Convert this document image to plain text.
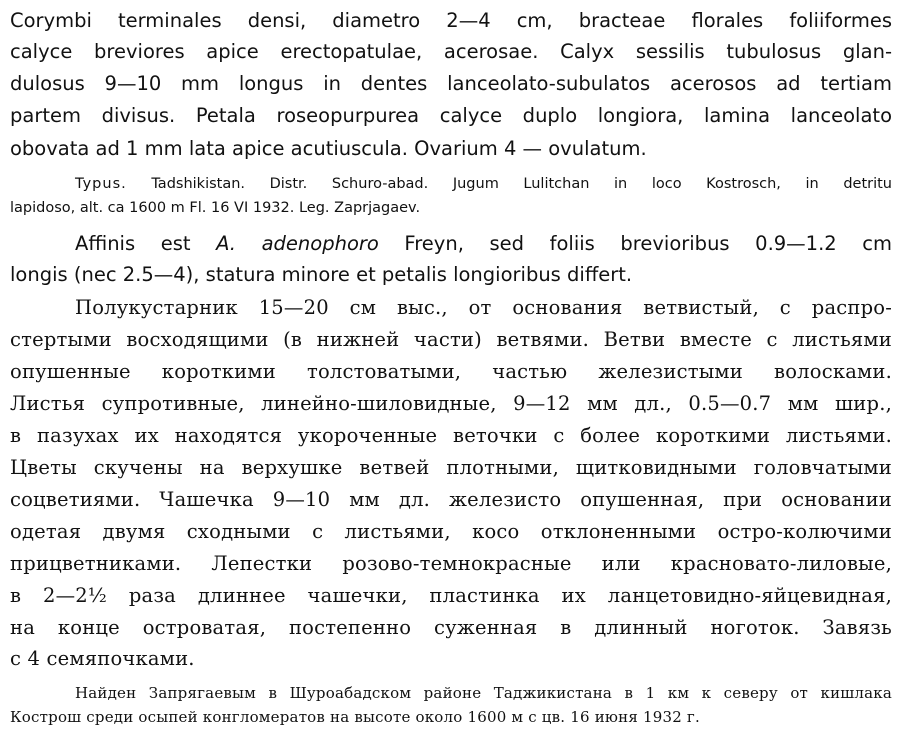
Corymbi terminales densi, diametro 2—4 cm, bracteae florales foliiformes
calyce breviores apice erectopatulae, acerosae. Calyx sessilis tubulosus glan-
dulosus 9—10 mm longus in dentes lanceolato-subulatos acerosos ad tertiam
partem divisus. Petala roseopurpurea calyce duplo longiora, lamina lanceolato
obovata ad 1 mm lata apice acutiuscula. Ovarium 4 — ovulatum.
Typus. Tadshikistan. Distr. Schuro-abad. Jugum Lulitchan in loco Kostrosch, in detritu
lapidoso, alt. ca 1600 m Fl. 16 VI 1932. Leg. Zaprjagaev.
Affinis est A. adenophoro Freyn, sed foliis brevioribus 0.9—1.2 cm
longis (nec 2.5—4), statura minore et petalis longioribus differt.
Полукустарник 15—20 см выс., от основания ветвистый, с распро-
стертыми восходящими (в нижней части) ветвями. Ветви вместе с листьями
опушенные короткими толстоватыми, частью железистыми волосками.
Листья супротивные, линейно-шиловидные, 9—12 мм дл., 0.5—0.7 мм шир.,
в пазухах их находятся укороченные веточки с более короткими листьями.
Цветы скучены на верхушке ветвей плотными, щитковидными головчатыми
соцветиями. Чашечка 9—10 мм дл. железисто опушенная, при основании
одетая двумя сходными с листьями, косо отклоненными остро-колючими
прицветниками. Лепестки розово-темнокрасные или красновато-лиловые,
в 2—2½ раза длиннее чашечки, пластинка их ланцетовидно-яйцевидная,
на конце островатая, постепенно суженная в длинный ноготок. Завязь
с 4 семяпочками.
Найден Запрягаевым в Шуроабадском районе Таджикистана в 1 км к северу от кишлака
Кострош среди осыпей конгломератов на высоте около 1600 м с цв. 16 июня 1932 г.
